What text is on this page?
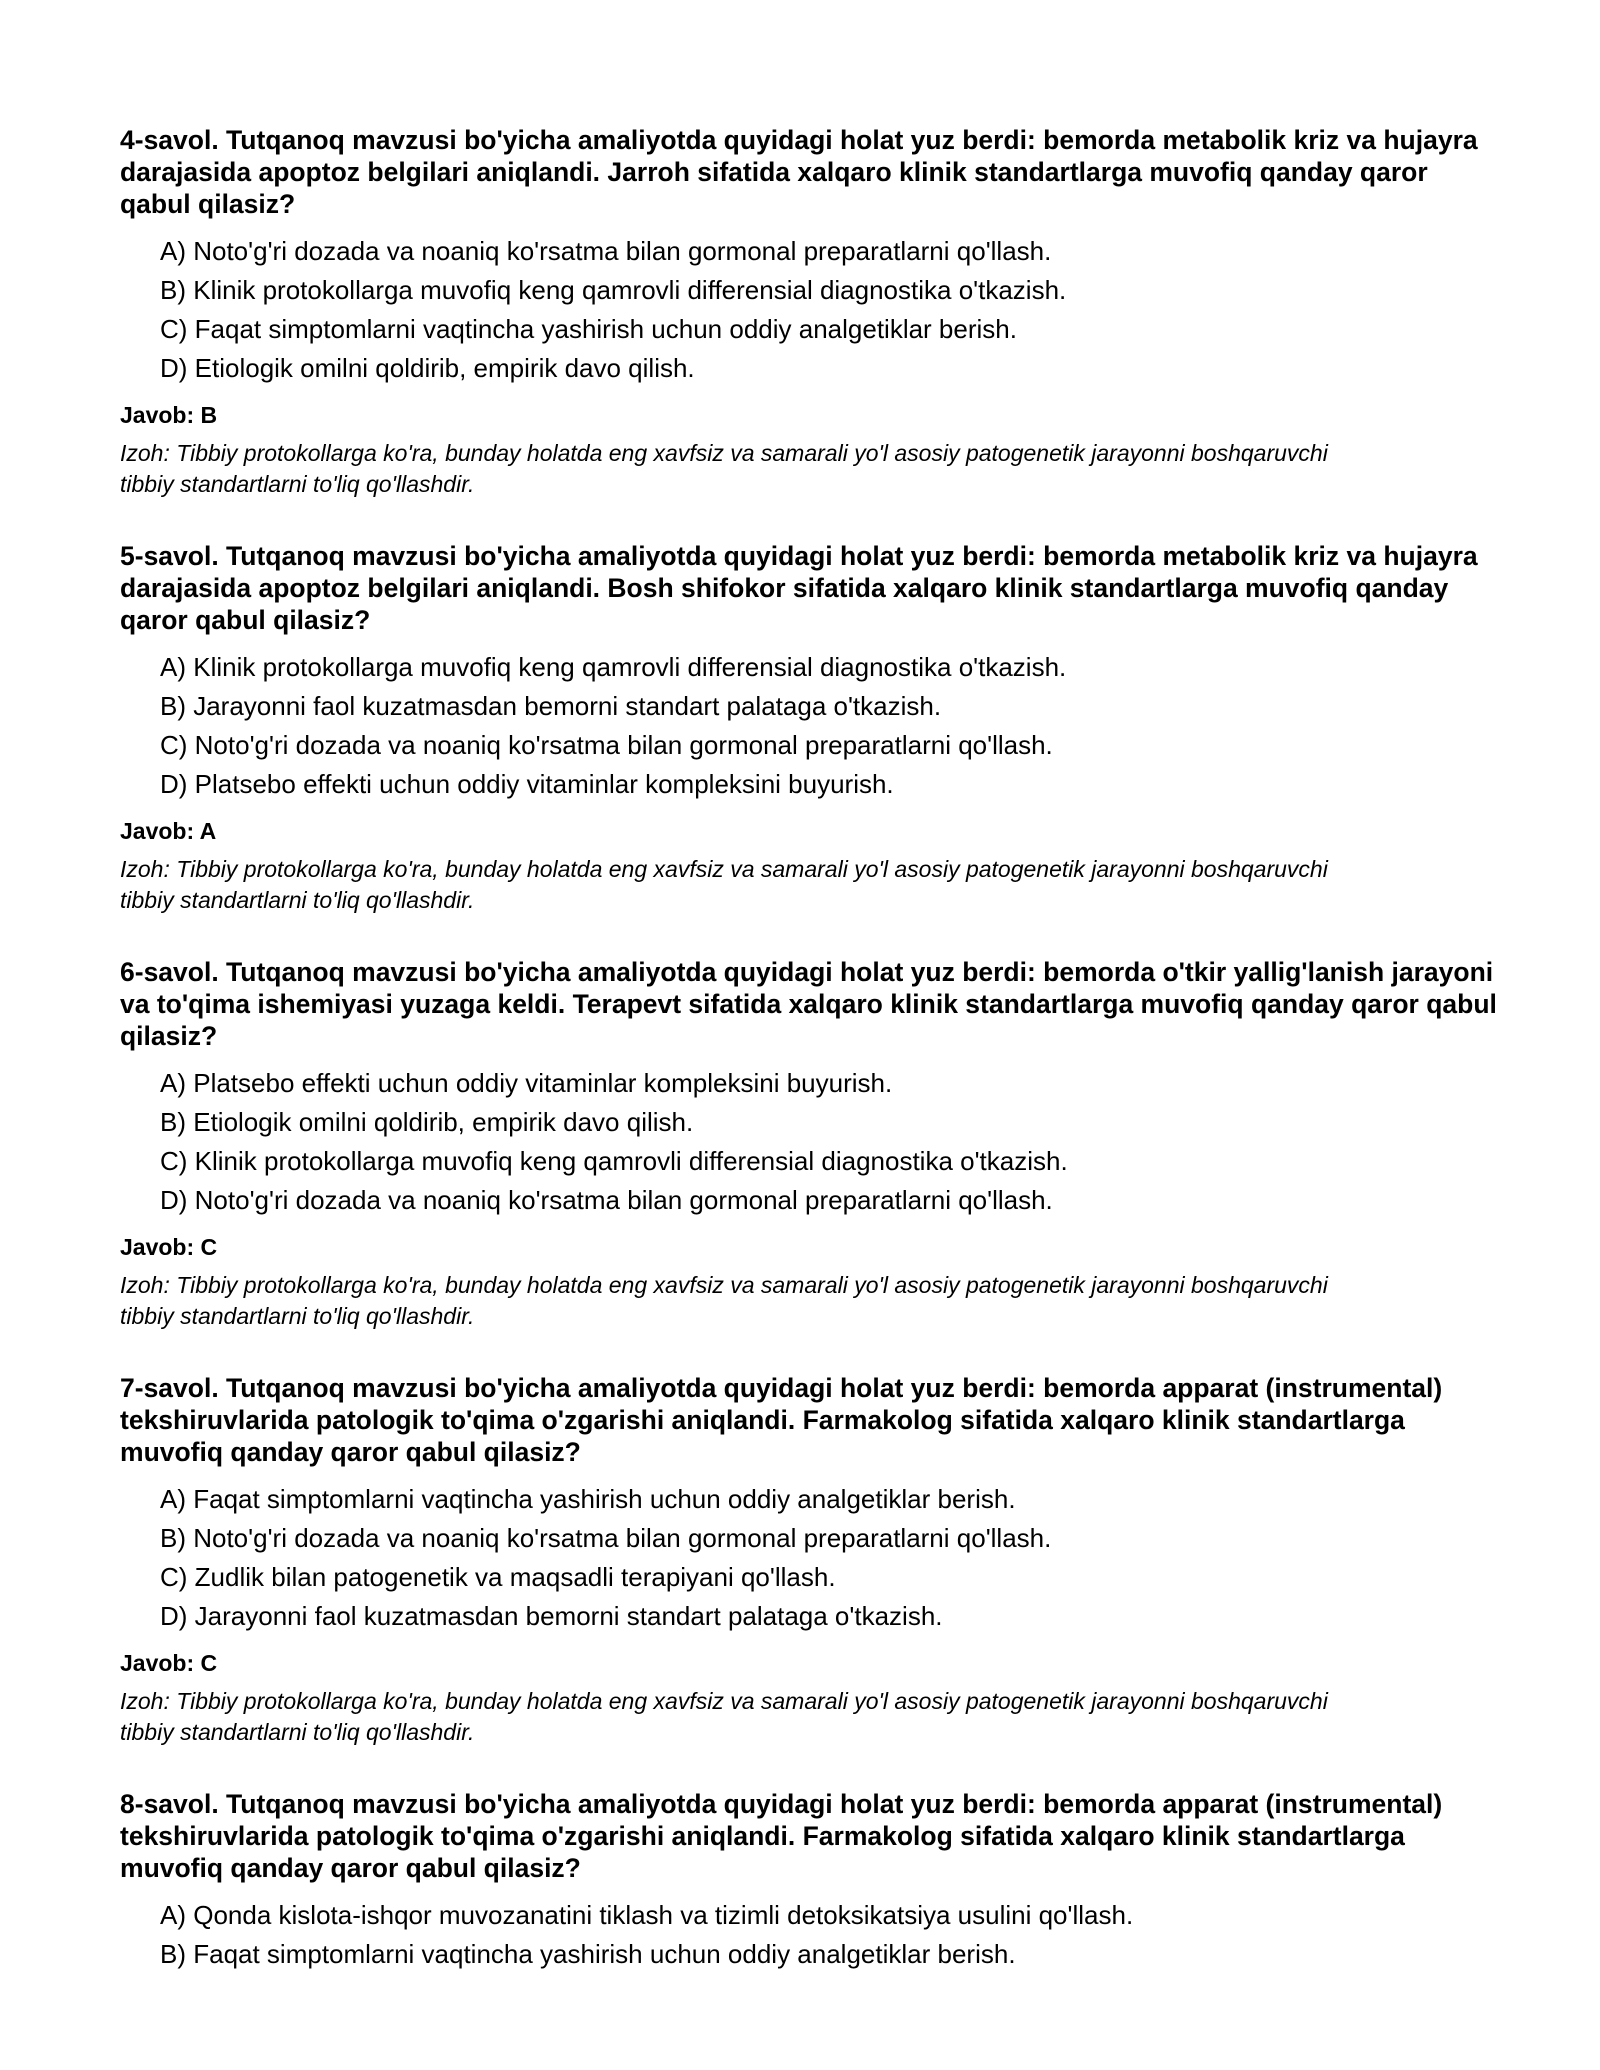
4-savol. Tutqanoq mavzusi bo'yicha amaliyotda quyidagi holat yuz berdi: bemorda metabolik kriz va hujayra darajasida apoptoz belgilari aniqlandi. Jarroh sifatida xalqaro klinik standartlarga muvofiq qanday qaror qabul qilasiz?

A) Noto'g'ri dozada va noaniq ko'rsatma bilan gormonal preparatlarni qo'llash.
B) Klinik protokollarga muvofiq keng qamrovli differensial diagnostika o'tkazish.
C) Faqat simptomlarni vaqtincha yashirish uchun oddiy analgetiklar berish.
D) Etiologik omilni qoldirib, empirik davo qilish.

Javob: B

Izoh: Tibbiy protokollarga ko'ra, bunday holatda eng xavfsiz va samarali yo'l asosiy patogenetik jarayonni boshqaruvchi tibbiy standartlarni to'liq qo'llashdir.

5-savol. Tutqanoq mavzusi bo'yicha amaliyotda quyidagi holat yuz berdi: bemorda metabolik kriz va hujayra darajasida apoptoz belgilari aniqlandi. Bosh shifokor sifatida xalqaro klinik standartlarga muvofiq qanday qaror qabul qilasiz?

A) Klinik protokollarga muvofiq keng qamrovli differensial diagnostika o'tkazish.
B) Jarayonni faol kuzatmasdan bemorni standart palataga o'tkazish.
C) Noto'g'ri dozada va noaniq ko'rsatma bilan gormonal preparatlarni qo'llash.
D) Platsebo effekti uchun oddiy vitaminlar kompleksini buyurish.

Javob: A

Izoh: Tibbiy protokollarga ko'ra, bunday holatda eng xavfsiz va samarali yo'l asosiy patogenetik jarayonni boshqaruvchi tibbiy standartlarni to'liq qo'llashdir.

6-savol. Tutqanoq mavzusi bo'yicha amaliyotda quyidagi holat yuz berdi: bemorda o'tkir yallig'lanish jarayoni va to'qima ishemiyasi yuzaga keldi. Terapevt sifatida xalqaro klinik standartlarga muvofiq qanday qaror qabul qilasiz?

A) Platsebo effekti uchun oddiy vitaminlar kompleksini buyurish.
B) Etiologik omilni qoldirib, empirik davo qilish.
C) Klinik protokollarga muvofiq keng qamrovli differensial diagnostika o'tkazish.
D) Noto'g'ri dozada va noaniq ko'rsatma bilan gormonal preparatlarni qo'llash.

Javob: C

Izoh: Tibbiy protokollarga ko'ra, bunday holatda eng xavfsiz va samarali yo'l asosiy patogenetik jarayonni boshqaruvchi tibbiy standartlarni to'liq qo'llashdir.

7-savol. Tutqanoq mavzusi bo'yicha amaliyotda quyidagi holat yuz berdi: bemorda apparat (instrumental) tekshiruvlarida patologik to'qima o'zgarishi aniqlandi. Farmakolog sifatida xalqaro klinik standartlarga muvofiq qanday qaror qabul qilasiz?

A) Faqat simptomlarni vaqtincha yashirish uchun oddiy analgetiklar berish.
B) Noto'g'ri dozada va noaniq ko'rsatma bilan gormonal preparatlarni qo'llash.
C) Zudlik bilan patogenetik va maqsadli terapiyani qo'llash.
D) Jarayonni faol kuzatmasdan bemorni standart palataga o'tkazish.

Javob: C

Izoh: Tibbiy protokollarga ko'ra, bunday holatda eng xavfsiz va samarali yo'l asosiy patogenetik jarayonni boshqaruvchi tibbiy standartlarni to'liq qo'llashdir.

8-savol. Tutqanoq mavzusi bo'yicha amaliyotda quyidagi holat yuz berdi: bemorda apparat (instrumental) tekshiruvlarida patologik to'qima o'zgarishi aniqlandi. Farmakolog sifatida xalqaro klinik standartlarga muvofiq qanday qaror qabul qilasiz?

A) Qonda kislota-ishqor muvozanatini tiklash va tizimli detoksikatsiya usulini qo'llash.
B) Faqat simptomlarni vaqtincha yashirish uchun oddiy analgetiklar berish.
